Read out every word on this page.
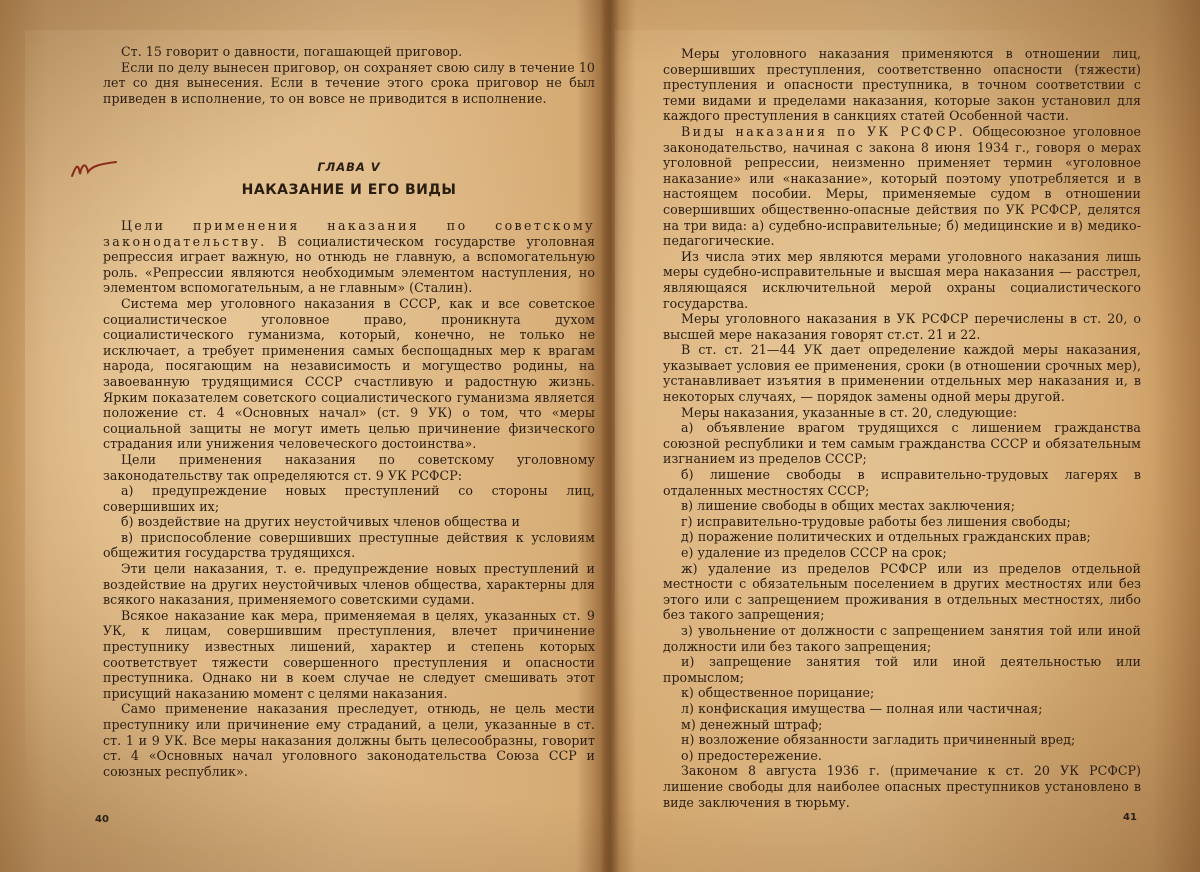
Ст. 15 говорит о давности, погашающей приговор.

Если по делу вынесен приговор, он сохраняет свою силу в течение 10 лет со дня вынесения. Если в течение этого срока приговор не был приведен в исполнение, то он вовсе не приводится в исполнение.

ГЛАВА V
НАКАЗАНИЕ И ЕГО ВИДЫ

Цели применения наказания по советскому законодательству. В социалистическом государстве уголовная репрессия играет важную, но отнюдь не главную, а вспомогательную роль. «Репрессии являются необходимым элементом наступления, но элементом вспомогательным, а не главным» (Сталин).

Система мер уголовного наказания в СССР, как и все советское социалистическое уголовное право, проникнута духом социалистического гуманизма, который, конечно, не только не исключает, а требует применения самых беспощадных мер к врагам народа, посягающим на независимость и могущество родины, на завоеванную трудящимися СССР счастливую и радостную жизнь. Ярким показателем советского социалистического гуманизма является положение ст. 4 «Основных начал» (ст. 9 УК) о том, что «меры социальной защиты не могут иметь целью причинение физического страдания или унижения человеческого достоинства».

Цели применения наказания по советскому уголовному законодательству так определяются ст. 9 УК РСФСР:

а) предупреждение новых преступлений со стороны лиц, совершивших их;

б) воздействие на других неустойчивых членов общества и

в) приспособление совершивших преступные действия к условиям общежития государства трудящихся.

Эти цели наказания, т. е. предупреждение новых преступлений и воздействие на других неустойчивых членов общества, характерны для всякого наказания, применяемого советскими судами.

Всякое наказание как мера, применяемая в целях, указанных ст. 9 УК, к лицам, совершившим преступления, влечет причинение преступнику известных лишений, характер и степень которых соответствует тяжести совершенного преступления и опасности преступника. Однако ни в коем случае не следует смешивать этот присущий наказанию момент с целями наказания.

Само применение наказания преследует, отнюдь, не цель мести преступнику или причинение ему страданий, а цели, указанные в ст. ст. 1 и 9 УК. Все меры наказания должны быть целесообразны, говорит ст. 4 «Основных начал уголовного законодательства Союза ССР и союзных республик».

40

Меры уголовного наказания применяются в отношении лиц, совершивших преступления, соответственно опасности (тяжести) преступления и опасности преступника, в точном соответствии с теми видами и пределами наказания, которые закон установил для каждого преступления в санкциях статей Особенной части.

Виды наказания по УК РСФСР. Общесоюзное уголовное законодательство, начиная с закона 8 июня 1934 г., говоря о мерах уголовной репрессии, неизменно применяет термин «уголовное наказание» или «наказание», который поэтому употребляется и в настоящем пособии. Меры, применяемые судом в отношении совершивших общественно-опасные действия по УК РСФСР, делятся на три вида: а) судебно-исправительные; б) медицинские и в) медико-педагогические.

Из числа этих мер являются мерами уголовного наказания лишь меры судебно-исправительные и высшая мера наказания — расстрел, являющаяся исключительной мерой охраны социалистического государства.

Меры уголовного наказания в УК РСФСР перечислены в ст. 20, о высшей мере наказания говорят ст.ст. 21 и 22.

В ст. ст. 21—44 УК дает определение каждой меры наказания, указывает условия ее применения, сроки (в отношении срочных мер), устанавливает изъятия в применении отдельных мер наказания и, в некоторых случаях, — порядок замены одной меры другой.

Меры наказания, указанные в ст. 20, следующие:

а) объявление врагом трудящихся с лишением гражданства союзной республики и тем самым гражданства СССР и обязательным изгнанием из пределов СССР;

б) лишение свободы в исправительно-трудовых лагерях в отдаленных местностях СССР;

в) лишение свободы в общих местах заключения;

г) исправительно-трудовые работы без лишения свободы;

д) поражение политических и отдельных гражданских прав;

е) удаление из пределов СССР на срок;

ж) удаление из пределов РСФСР или из пределов отдельной местности с обязательным поселением в других местностях или без этого или с запрещением проживания в отдельных местностях, либо без такого запрещения;

з) увольнение от должности с запрещением занятия той или иной должности или без такого запрещения;

и) запрещение занятия той или иной деятельностью или промыслом;

к) общественное порицание;

л) конфискация имущества — полная или частичная;

м) денежный штраф;

н) возложение обязанности загладить причиненный вред;

о) предостережение.

Законом 8 августа 1936 г. (примечание к ст. 20 УК РСФСР) лишение свободы для наиболее опасных преступников установлено в виде заключения в тюрьму.

41
